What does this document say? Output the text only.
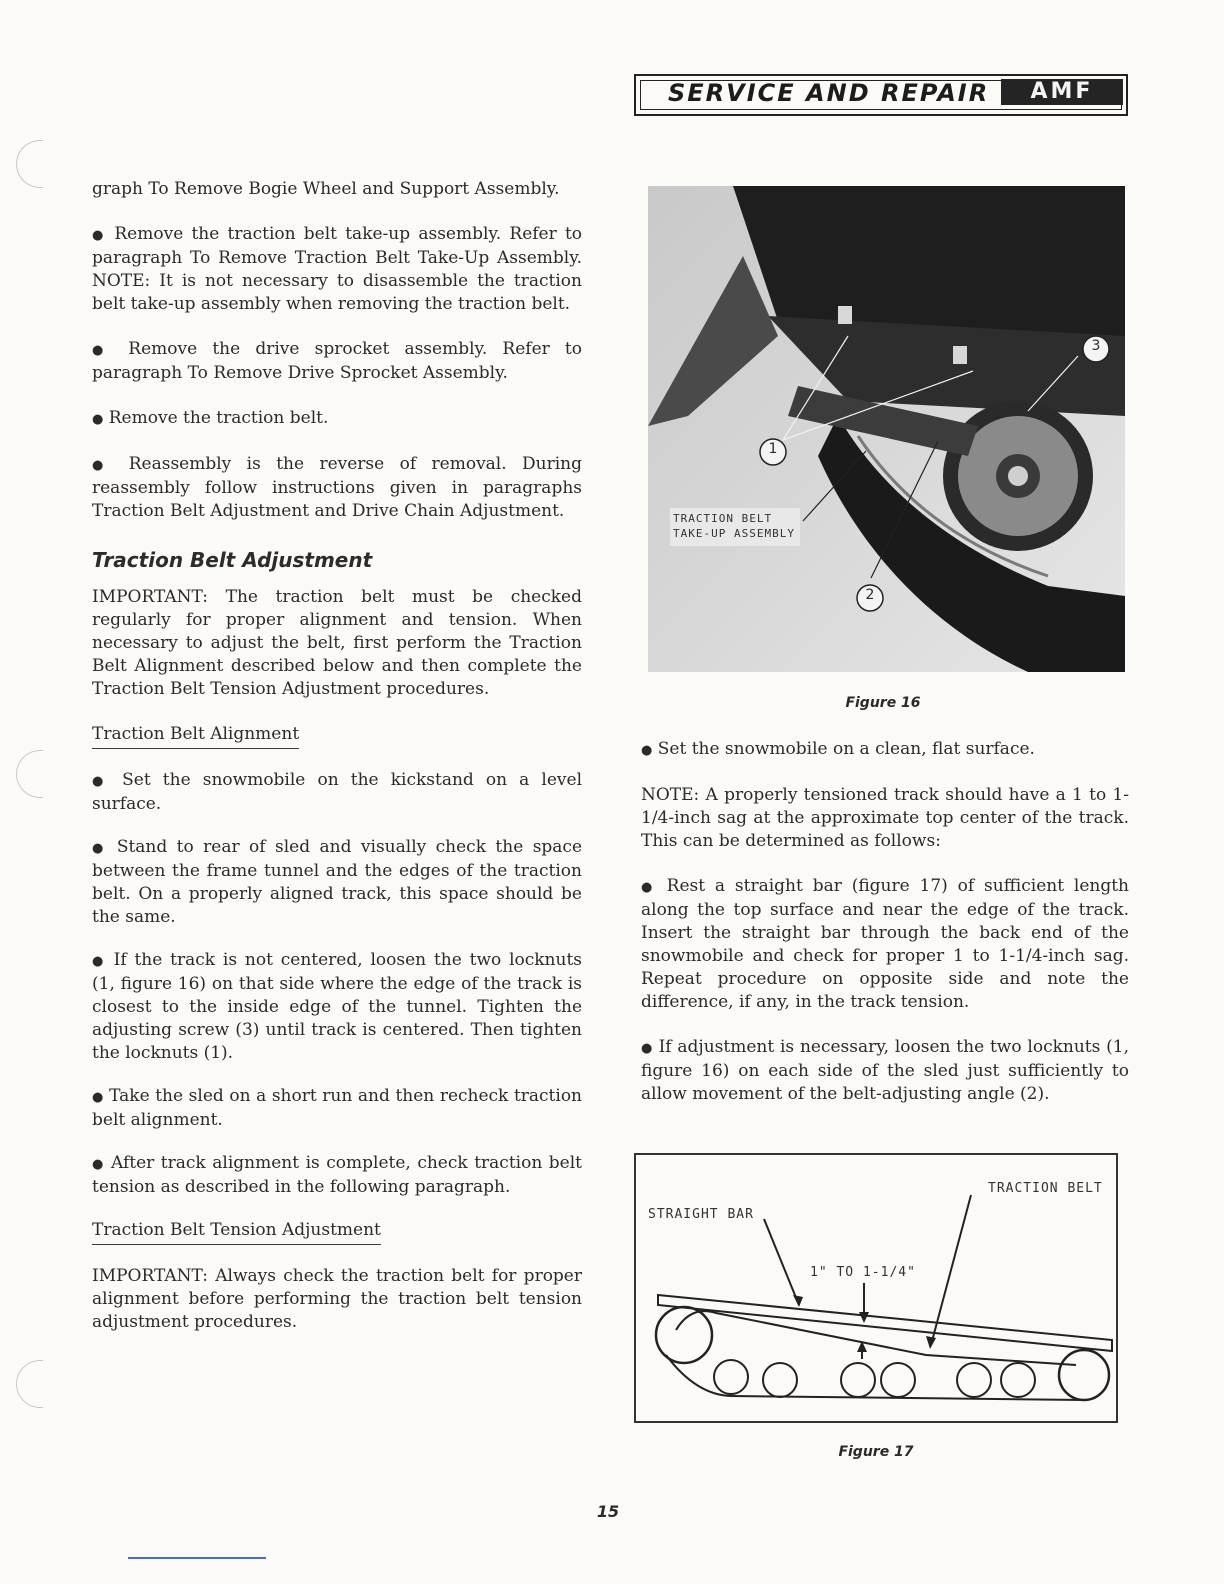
SERVICE AND REPAIR	AMF

graph To Remove Bogie Wheel and Support Assembly.

● Remove the traction belt take-up assembly. Refer to paragraph To Remove Traction Belt Take-Up Assembly. NOTE: It is not necessary to disassemble the traction belt take-up assembly when removing the traction belt.

● Remove the drive sprocket assembly. Refer to paragraph To Remove Drive Sprocket Assembly.

● Remove the traction belt.

● Reassembly is the reverse of removal. During reassembly follow instructions given in paragraphs Traction Belt Adjustment and Drive Chain Adjustment.

Traction Belt Adjustment

IMPORTANT: The traction belt must be checked regularly for proper alignment and tension. When necessary to adjust the belt, first perform the Traction Belt Alignment described below and then complete the Traction Belt Tension Adjustment procedures.

Traction Belt Alignment

● Set the snowmobile on the kickstand on a level surface.

● Stand to rear of sled and visually check the space between the frame tunnel and the edges of the traction belt. On a properly aligned track, this space should be the same.

● If the track is not centered, loosen the two locknuts (1, figure 16) on that side where the edge of the track is closest to the inside edge of the tunnel. Tighten the adjusting screw (3) until track is centered. Then tighten the locknuts (1).

● Take the sled on a short run and then recheck traction belt alignment.

● After track alignment is complete, check traction belt tension as described in the following paragraph.

Traction Belt Tension Adjustment

IMPORTANT: Always check the traction belt for proper alignment before performing the traction belt tension adjustment procedures.

1
2
3
TRACTION BELT
TAKE-UP ASSEMBLY
Figure 16

● Set the snowmobile on a clean, flat surface.

NOTE: A properly tensioned track should have a 1 to 1-1/4-inch sag at the approximate top center of the track. This can be determined as follows:

● Rest a straight bar (figure 17) of sufficient length along the top surface and near the edge of the track. Insert the straight bar through the back end of the snowmobile and check for proper 1 to 1-1/4-inch sag. Repeat procedure on opposite side and note the difference, if any, in the track tension.

● If adjustment is necessary, loosen the two locknuts (1, figure 16) on each side of the sled just sufficiently to allow movement of the belt-adjusting angle (2).

STRAIGHT BAR
TRACTION BELT
1" TO 1-1/4"
Figure 17
15
